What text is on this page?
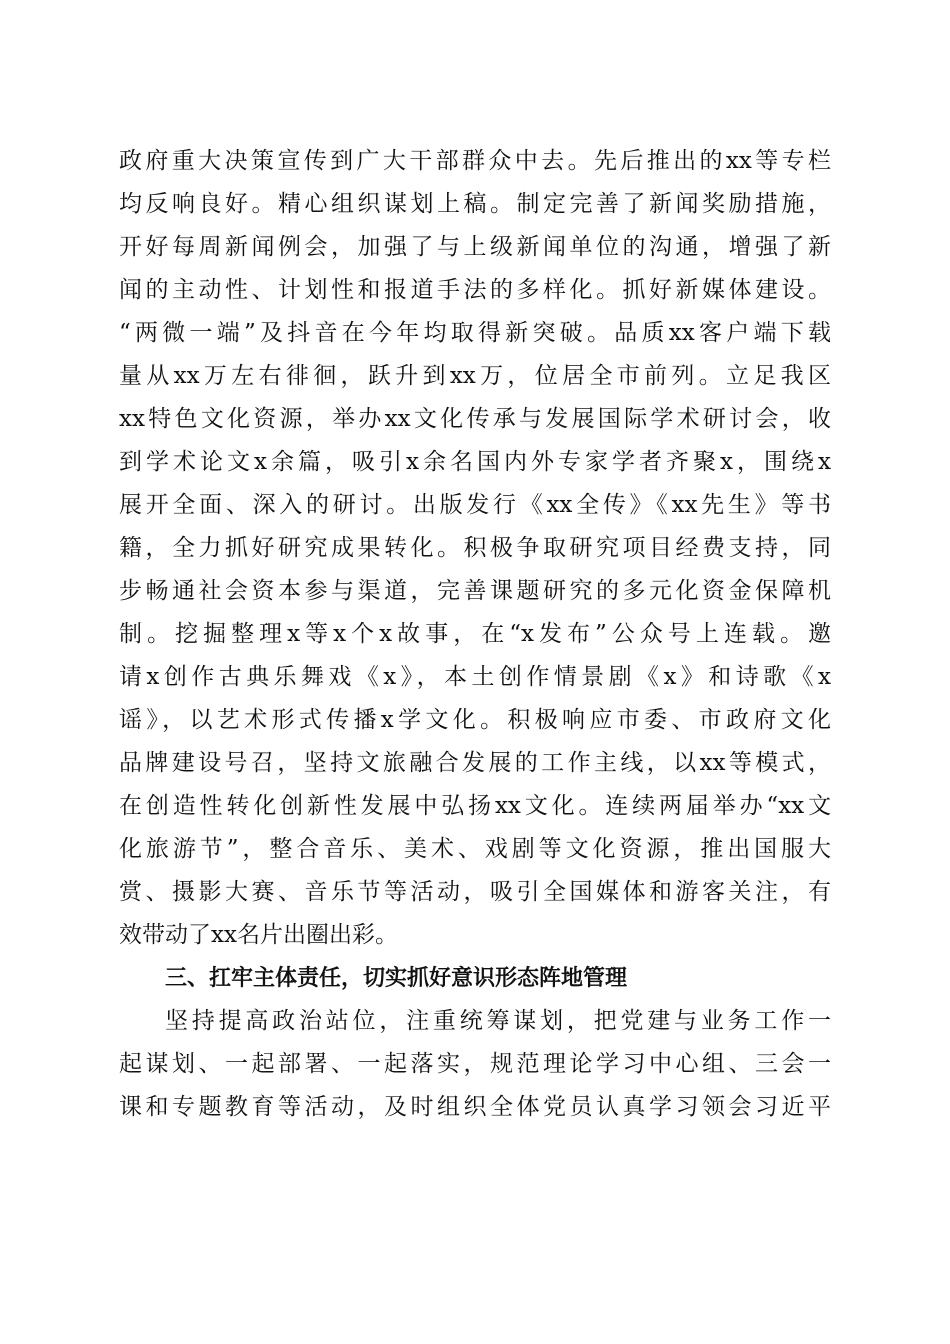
政府重大决策宣传到广大干部群众中去。先后推出的xx等专栏
均反响良好。精心组织谋划上稿。制定完善了新闻奖励措施，
开好每周新闻例会，加强了与上级新闻单位的沟通，增强了新
闻的主动性、计划性和报道手法的多样化。抓好新媒体建设。
“两微一端”及抖音在今年均取得新突破。品质xx客户端下载
量从xx万左右徘徊，跃升到xx万，位居全市前列。立足我区
xx特色文化资源，举办xx文化传承与发展国际学术研讨会，收
到学术论文x余篇，吸引x余名国内外专家学者齐聚x，围绕x
展开全面、深入的研讨。出版发行《xx全传》《xx先生》等书
籍，全力抓好研究成果转化。积极争取研究项目经费支持，同
步畅通社会资本参与渠道，完善课题研究的多元化资金保障机
制。挖掘整理x等x个x故事，在“x发布”公众号上连载。邀
请x创作古典乐舞戏《x》，本土创作情景剧《x》和诗歌《x
谣》，以艺术形式传播x学文化。积极响应市委、市政府文化
品牌建设号召，坚持文旅融合发展的工作主线，以xx等模式，
在创造性转化创新性发展中弘扬xx文化。连续两届举办“xx文
化旅游节”，整合音乐、美术、戏剧等文化资源，推出国服大
赏、摄影大赛、音乐节等活动，吸引全国媒体和游客关注，有
效带动了xx名片出圈出彩。
三、扛牢主体责任，切实抓好意识形态阵地管理
坚持提高政治站位，注重统筹谋划，把党建与业务工作一
起谋划、一起部署、一起落实，规范理论学习中心组、三会一
课和专题教育等活动，及时组织全体党员认真学习领会习近平
